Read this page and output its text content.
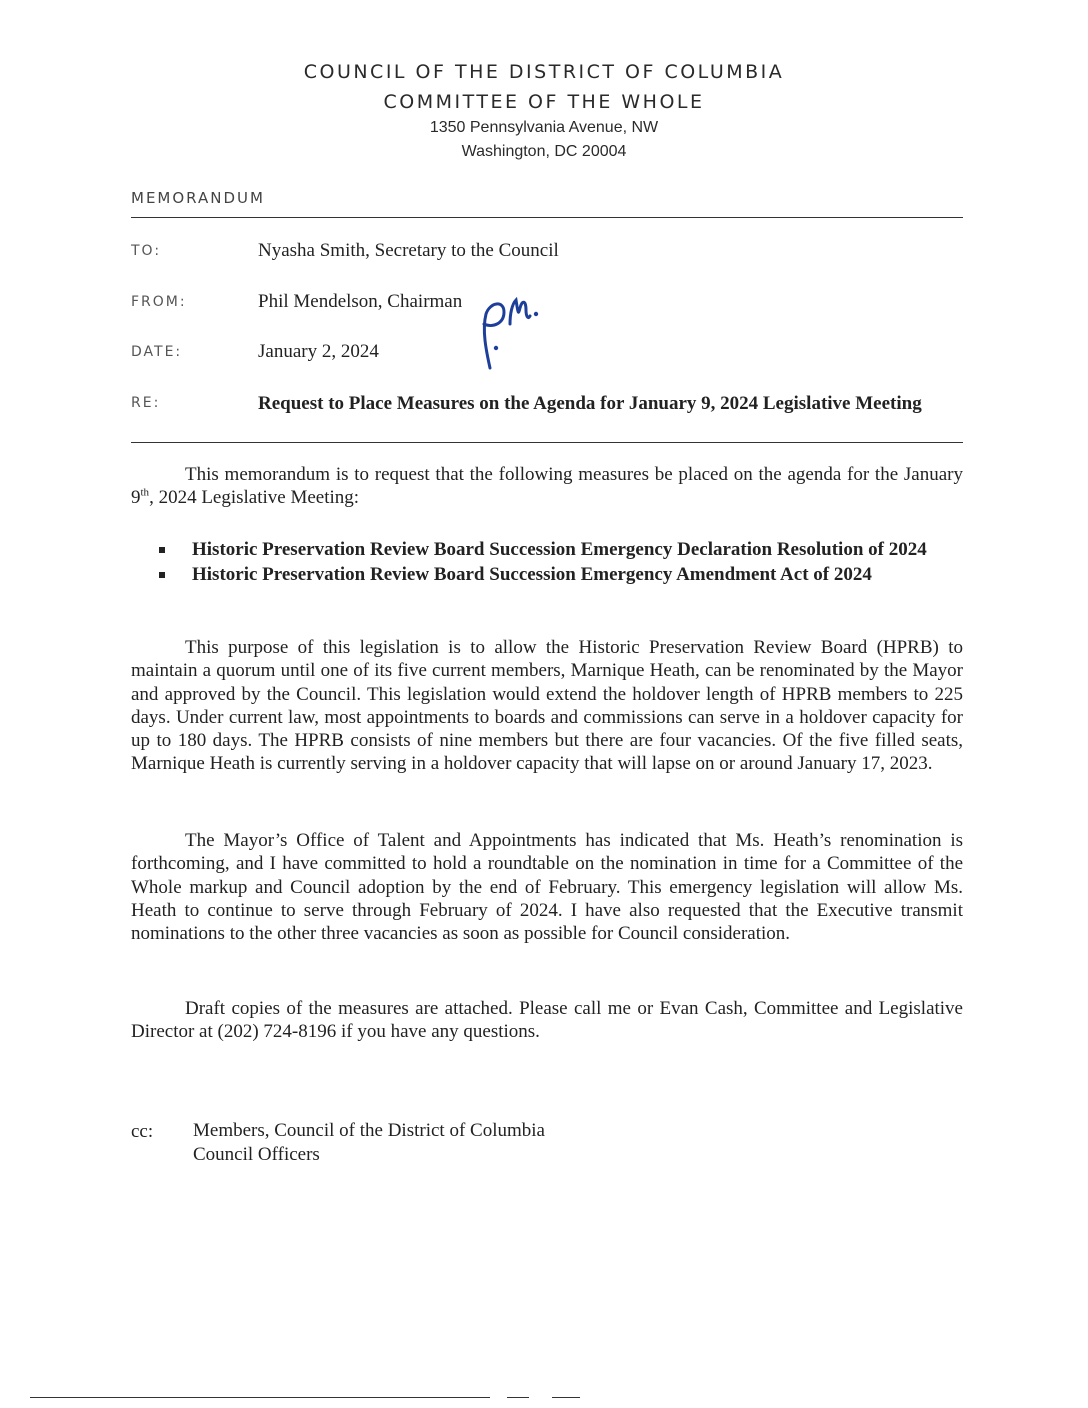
COUNCIL OF THE DISTRICT OF COLUMBIA
COMMITTEE OF THE WHOLE
1350 Pennsylvania Avenue, NW
Washington, DC 20004
MEMORANDUM
TO:	Nyasha Smith, Secretary to the Council
FROM:	Phil Mendelson, Chairman
DATE:	January 2, 2024
RE:	Request to Place Measures on the Agenda for January 9, 2024 Legislative Meeting

This memorandum is to request that the following measures be placed on the agenda for the January 9th, 2024 Legislative Meeting:

Historic Preservation Review Board Succession Emergency Declaration Resolution of 2024
Historic Preservation Review Board Succession Emergency Amendment Act of 2024

This purpose of this legislation is to allow the Historic Preservation Review Board (HPRB) to maintain a quorum until one of its five current members, Marnique Heath, can be renominated by the Mayor and approved by the Council. This legislation would extend the holdover length of HPRB members to 225 days. Under current law, most appointments to boards and commissions can serve in a holdover capacity for up to 180 days. The HPRB consists of nine members but there are four vacancies. Of the five filled seats, Marnique Heath is currently serving in a holdover capacity that will lapse on or around January 17, 2023.

The Mayor’s Office of Talent and Appointments has indicated that Ms. Heath’s renomination is forthcoming, and I have committed to hold a roundtable on the nomination in time for a Committee of the Whole markup and Council adoption by the end of February. This emergency legislation will allow Ms. Heath to continue to serve through February of 2024. I have also requested that the Executive transmit nominations to the other three vacancies as soon as possible for Council consideration.

Draft copies of the measures are attached. Please call me or Evan Cash, Committee and Legislative Director at (202) 724-8196 if you have any questions.

cc: Members, Council of the District of Columbia
Council Officers
